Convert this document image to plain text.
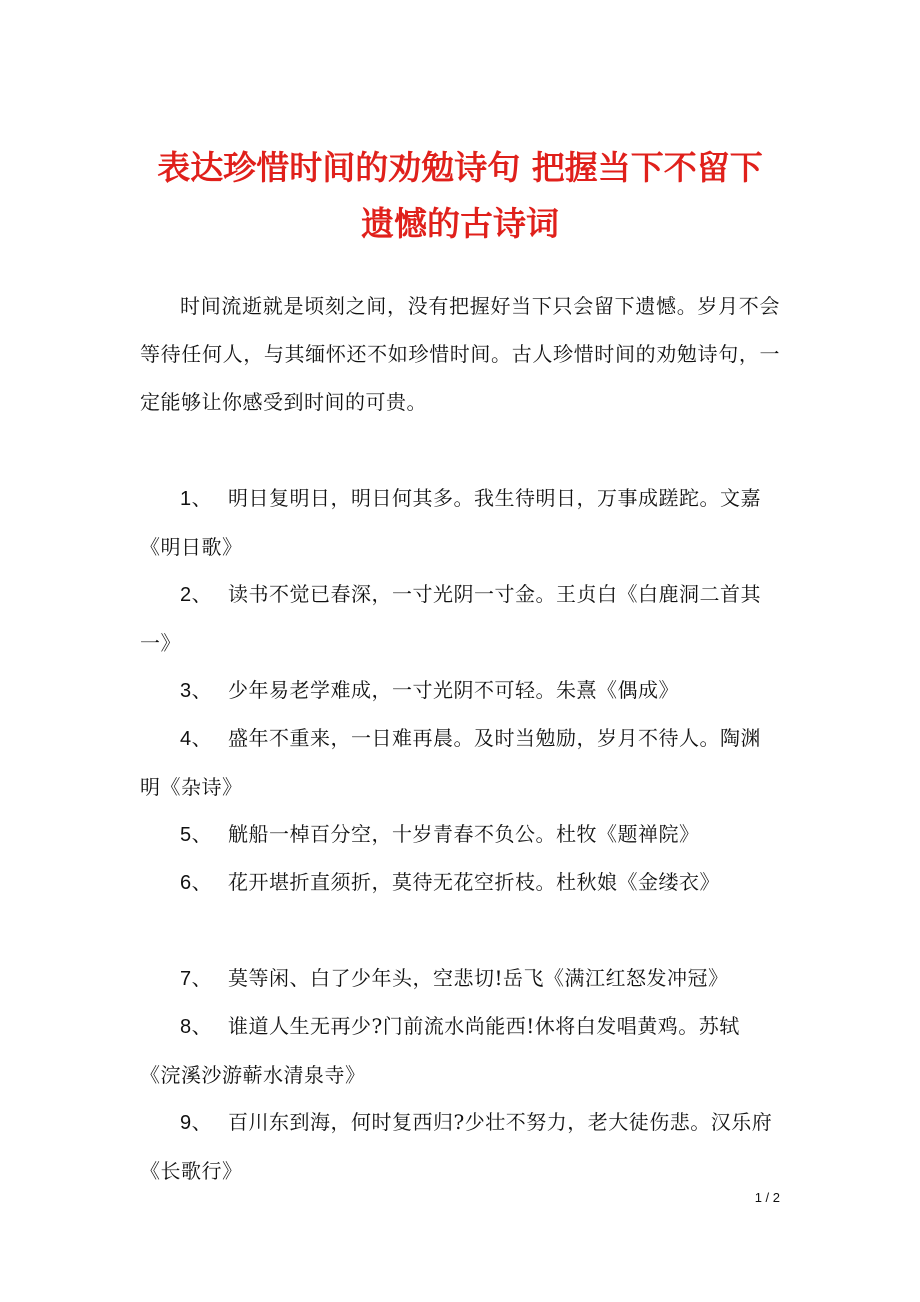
表达珍惜时间的劝勉诗句 把握当下不留下
遗憾的古诗词

时间流逝就是顷刻之间，没有把握好当下只会留下遗憾。岁月不会等待任何人，与其缅怀还不如珍惜时间。古人珍惜时间的劝勉诗句，一定能够让你感受到时间的可贵。

1、 明日复明日，明日何其多。我生待明日，万事成蹉跎。文嘉《明日歌》

2、 读书不觉已春深，一寸光阴一寸金。王贞白《白鹿洞二首其一》

3、 少年易老学难成，一寸光阴不可轻。朱熹《偶成》

4、 盛年不重来，一日难再晨。及时当勉励，岁月不待人。陶渊明《杂诗》

5、 觥船一棹百分空，十岁青春不负公。杜牧《题禅院》

6、 花开堪折直须折，莫待无花空折枝。杜秋娘《金缕衣》

7、 莫等闲、白了少年头，空悲切!岳飞《满江红怒发冲冠》

8、 谁道人生无再少?门前流水尚能西!休将白发唱黄鸡。苏轼《浣溪沙游蕲水清泉寺》

9、 百川东到海，何时复西归?少壮不努力，老大徒伤悲。汉乐府《长歌行》

1 / 2
